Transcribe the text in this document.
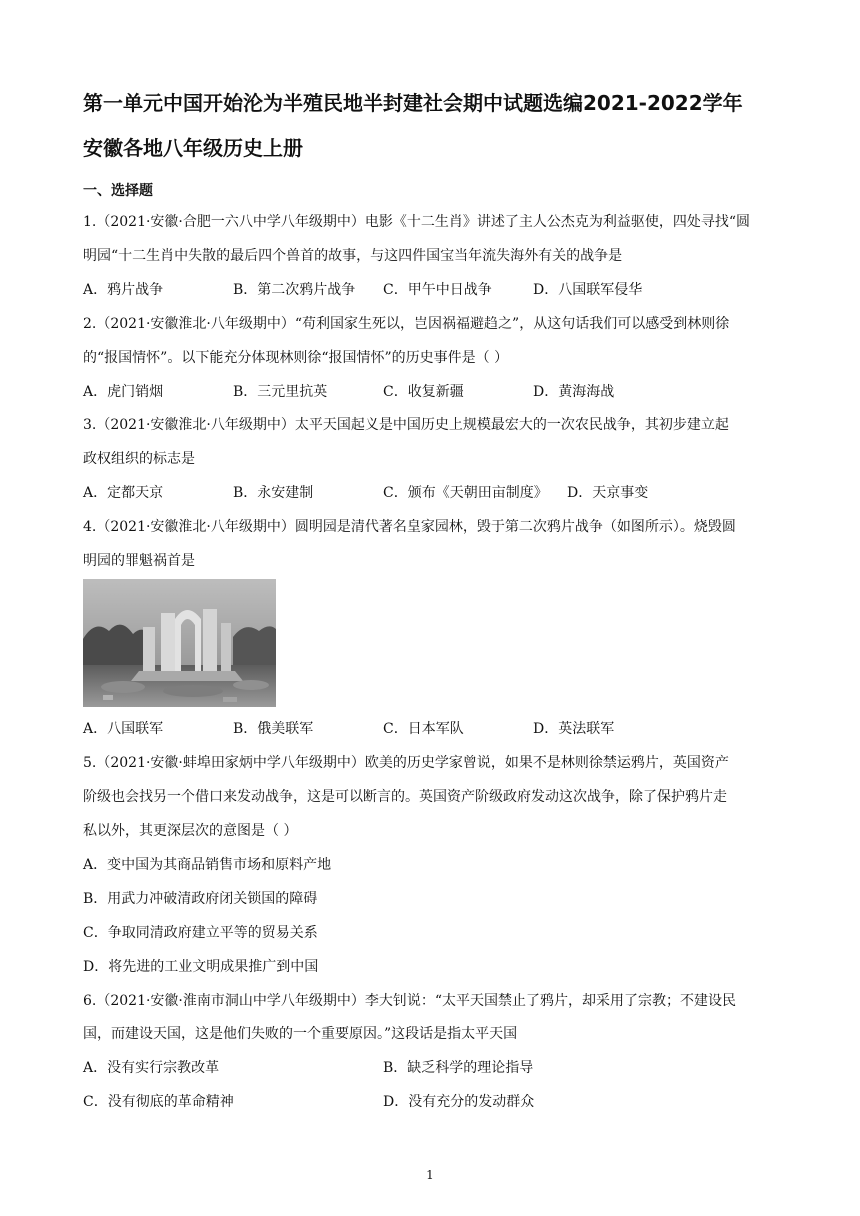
第一单元中国开始沦为半殖民地半封建社会期中试题选编2021-2022学年
安徽各地八年级历史上册
一、选择题
1.（2021·安徽·合肥一六八中学八年级期中）电影《十二生肖》讲述了主人公杰克为利益驱使，四处寻找“圆
明园“十二生肖中失散的最后四个兽首的故事，与这四件国宝当年流失海外有关的战争是
A．鸦片战争	B．第二次鸦片战争 C．甲午中日战争	D．八国联军侵华
2.（2021·安徽淮北·八年级期中）“苟利国家生死以，岂因祸福避趋之”，从这句话我们可以感受到林则徐
的“报国情怀”。以下能充分体现林则徐“报国情怀”的历史事件是（ ）
A．虎门销烟	B．三元里抗英	C．收复新疆	D．黄海海战
3.（2021·安徽淮北·八年级期中）太平天国起义是中国历史上规模最宏大的一次农民战争，其初步建立起
政权组织的标志是
A．定都天京	B．永安建制	C．颁布《天朝田亩制度》 D．天京事变
4.（2021·安徽淮北·八年级期中）圆明园是清代著名皇家园林，毁于第二次鸦片战争（如图所示）。烧毁圆
明园的罪魁祸首是
A．八国联军	B．俄美联军	C．日本军队	D．英法联军
5.（2021·安徽·蚌埠田家炳中学八年级期中）欧美的历史学家曾说，如果不是林则徐禁运鸦片，英国资产
阶级也会找另一个借口来发动战争，这是可以断言的。英国资产阶级政府发动这次战争，除了保护鸦片走
私以外，其更深层次的意图是（ ）
A．变中国为其商品销售市场和原料产地
B．用武力冲破清政府闭关锁国的障碍
C．争取同清政府建立平等的贸易关系
D．将先进的工业文明成果推广到中国
6.（2021·安徽·淮南市洞山中学八年级期中）李大钊说：“太平天国禁止了鸦片，却采用了宗教；不建设民
国，而建设天国，这是他们失败的一个重要原因。”这段话是指太平天国
A．没有实行宗教改革	B．缺乏科学的理论指导
C．没有彻底的革命精神	D．没有充分的发动群众
1
